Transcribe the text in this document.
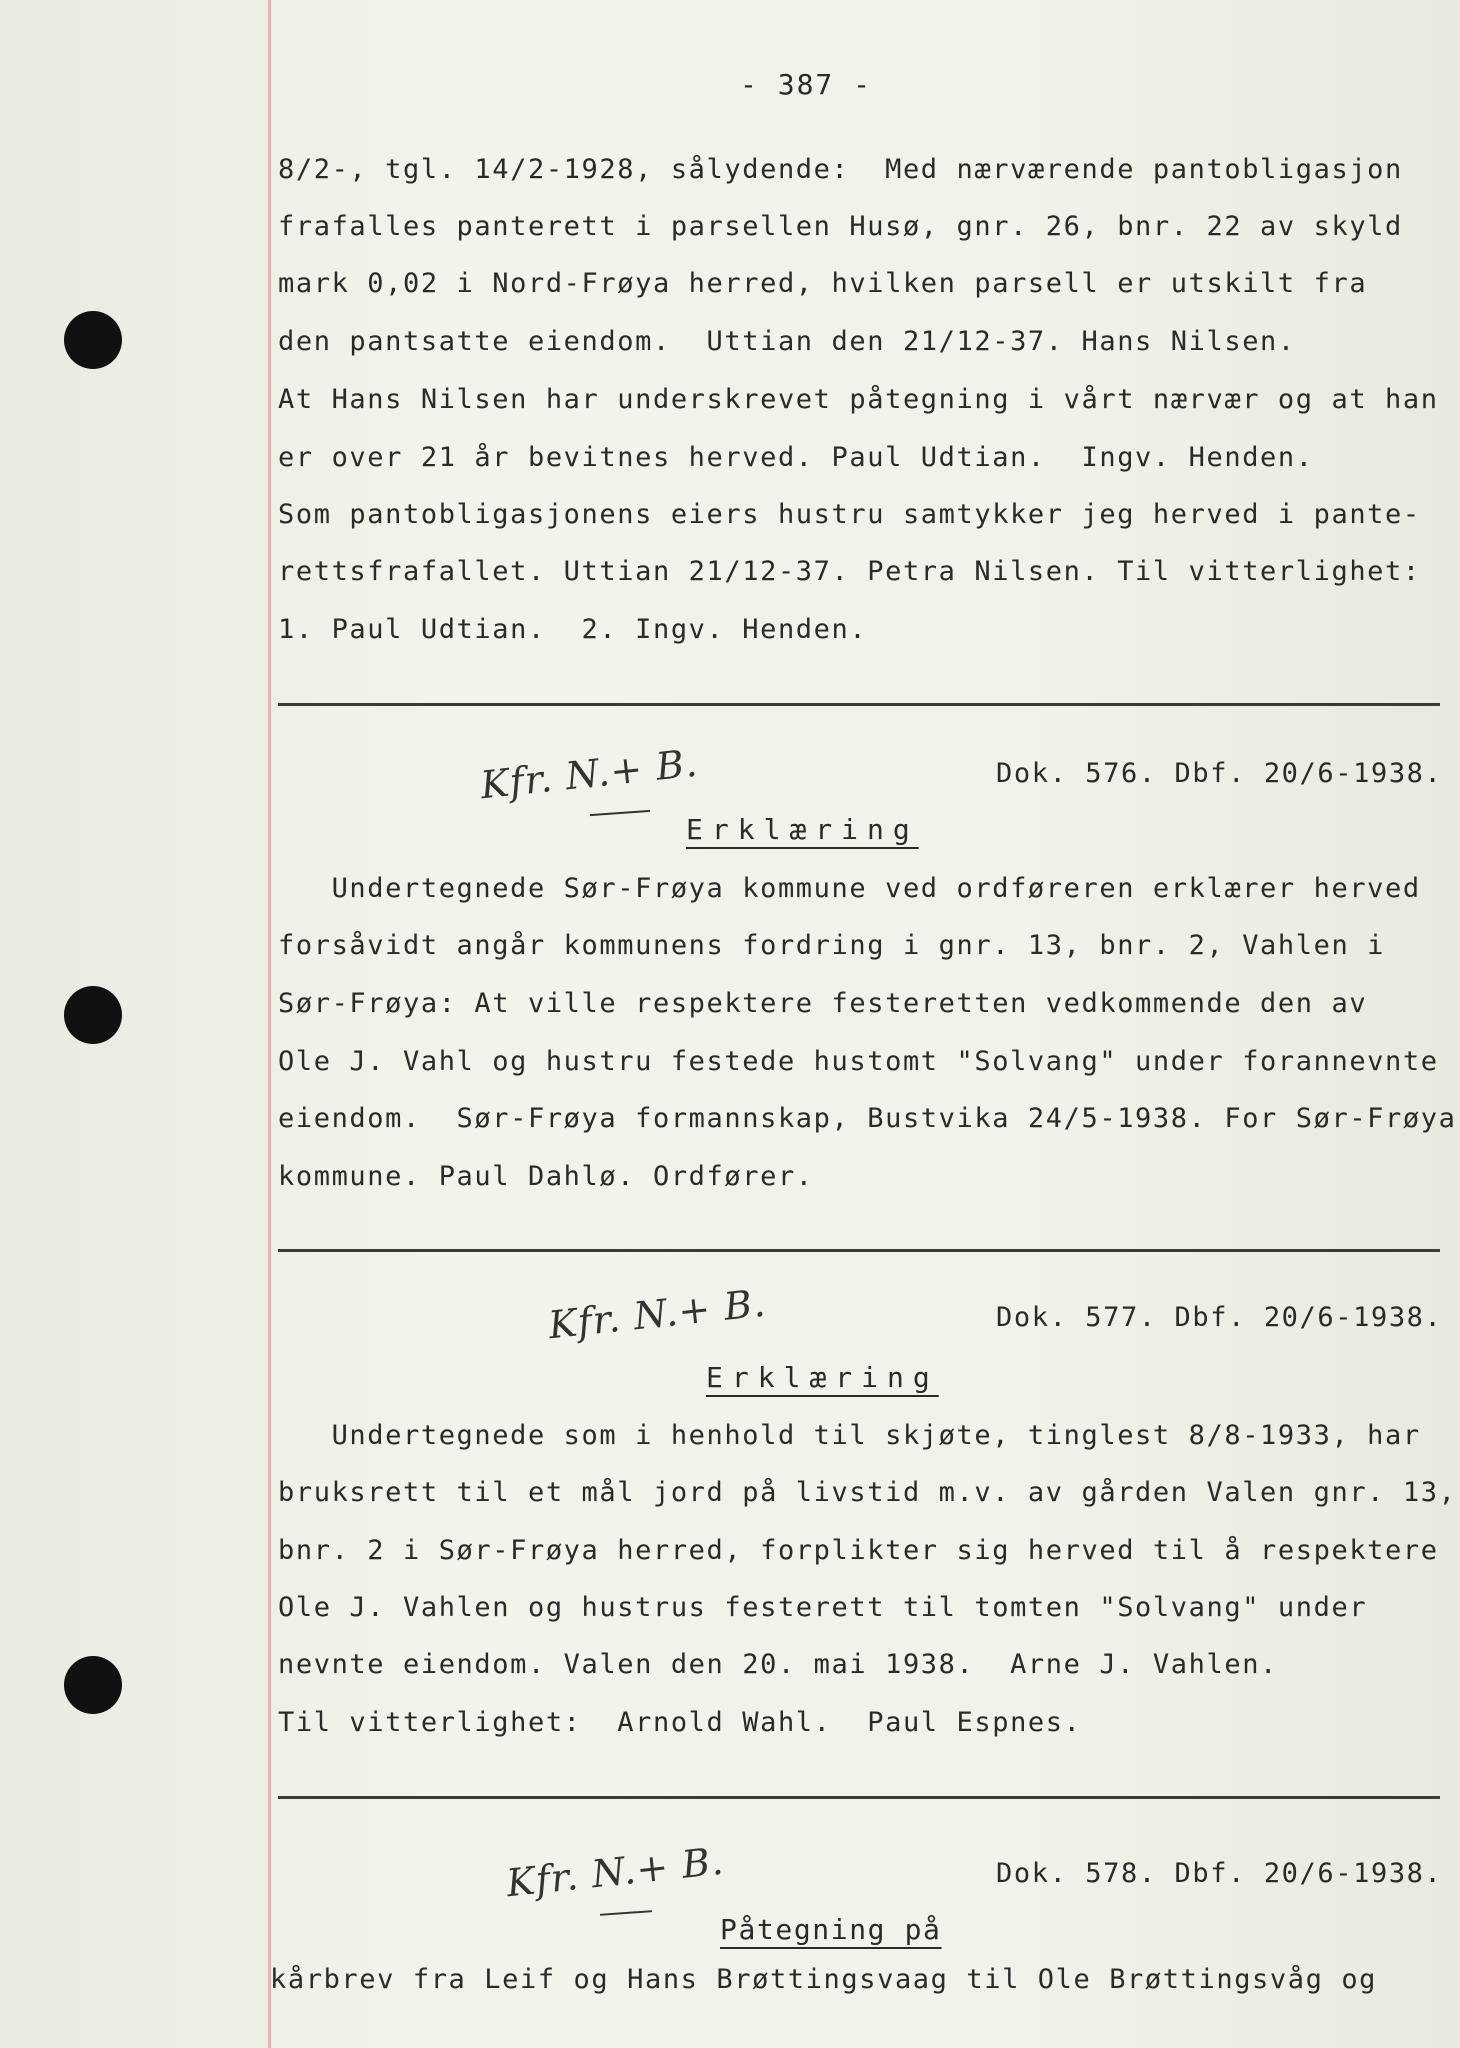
- 387 -
8/2-, tgl. 14/2-1928, sålydende:  Med nærværende pantobligasjon
frafalles panterett i parsellen Husø, gnr. 26, bnr. 22 av skyld
mark 0,02 i Nord-Frøya herred, hvilken parsell er utskilt fra
den pantsatte eiendom.  Uttian den 21/12-37. Hans Nilsen.
At Hans Nilsen har underskrevet påtegning i vårt nærvær og at han
er over 21 år bevitnes herved. Paul Udtian.  Ingv. Henden.
Som pantobligasjonens eiers hustru samtykker jeg herved i pante-
rettsfrafallet. Uttian 21/12-37. Petra Nilsen. Til vitterlighet:
1. Paul Udtian.  2. Ingv. Henden.
Kfr. N.+ B.	Dok. 576. Dbf. 20/6-1938.
Erklæring
Undertegnede Sør-Frøya kommune ved ordføreren erklærer herved
forsåvidt angår kommunens fordring i gnr. 13, bnr. 2, Vahlen i
Sør-Frøya: At ville respektere festeretten vedkommende den av
Ole J. Vahl og hustru festede hustomt "Solvang" under forannevnte
eiendom.  Sør-Frøya formannskap, Bustvika 24/5-1938. For Sør-Frøya
kommune. Paul Dahlø. Ordfører.
Kfr. N.+ B.	Dok. 577. Dbf. 20/6-1938.
Erklæring
Undertegnede som i henhold til skjøte, tinglest 8/8-1933, har
bruksrett til et mål jord på livstid m.v. av gården Valen gnr. 13,
bnr. 2 i Sør-Frøya herred, forplikter sig herved til å respektere
Ole J. Vahlen og hustrus festerett til tomten "Solvang" under
nevnte eiendom. Valen den 20. mai 1938.  Arne J. Vahlen.
Til vitterlighet:  Arnold Wahl.  Paul Espnes.
Kfr. N.+ B.	Dok. 578. Dbf. 20/6-1938.
Påtegning på
kårbrev fra Leif og Hans Brøttingsvaag til Ole Brøttingsvåg og
